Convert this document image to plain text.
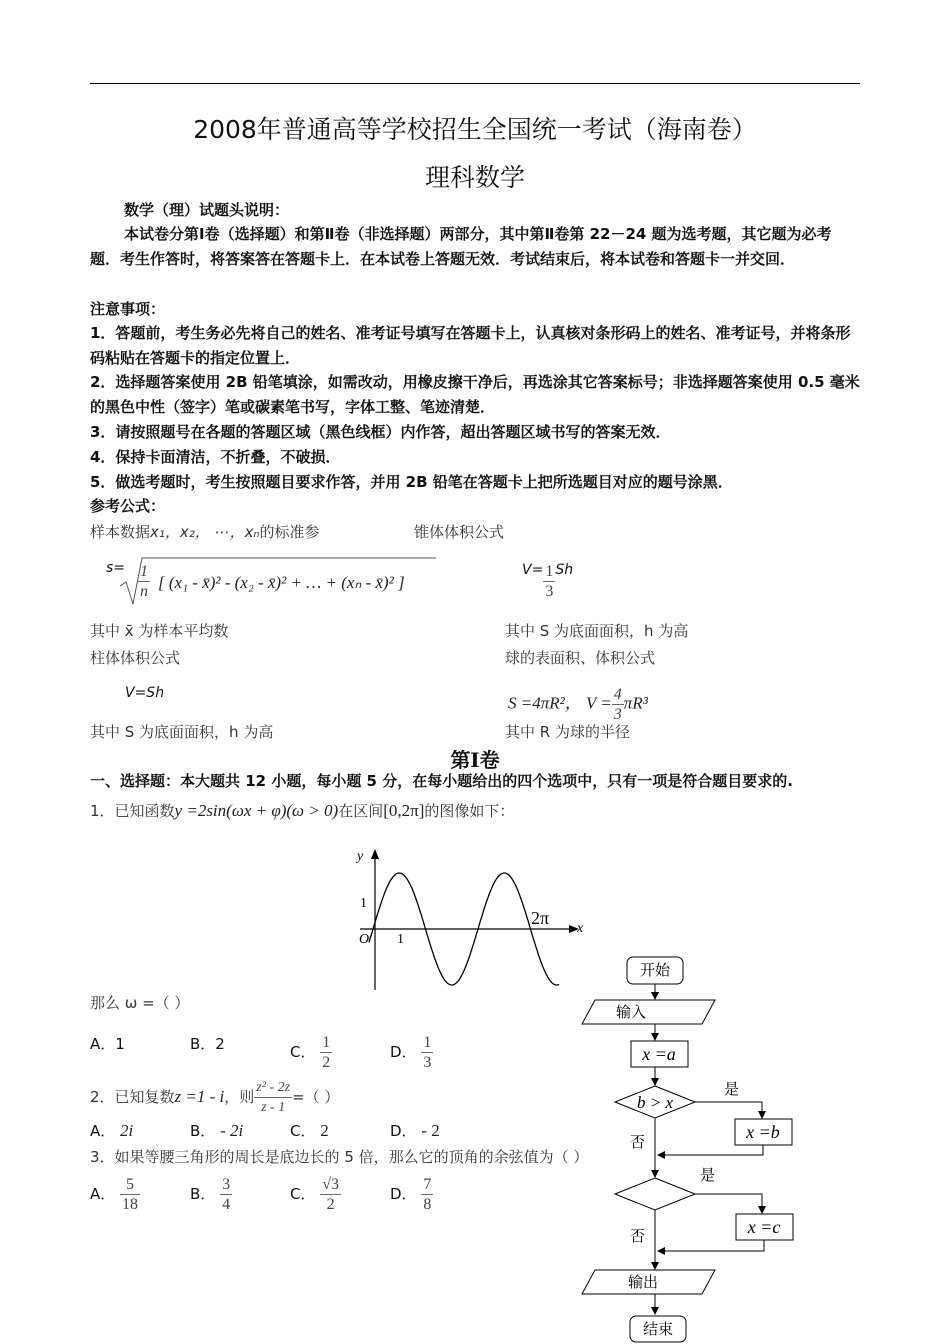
2008年普通高等学校招生全国统一考试（海南卷）
理科数学
数学（理）试题头说明：
本试卷分第Ⅰ卷（选择题）和第Ⅱ卷（非选择题）两部分，其中第Ⅱ卷第 22－24 题为选考题，其它题为必考题．考生作答时，将答案答在答题卡上．在本试卷上答题无效．考试结束后，将本试卷和答题卡一并交回．
注意事项：
1．答题前，考生务必先将自己的姓名、准考证号填写在答题卡上，认真核对条形码上的姓名、准考证号，并将条形码粘贴在答题卡的指定位置上．
2．选择题答案使用 2B 铅笔填涂，如需改动，用橡皮擦干净后，再选涂其它答案标号；非选择题答案使用 0.5 毫米的黑色中性（签字）笔或碳素笔书写，字体工整、笔迹清楚．
3．请按照题号在各题的答题区域（黑色线框）内作答，超出答题区域书写的答案无效．
4．保持卡面清洁，不折叠，不破损．
5．做选考题时，考生按照题目要求作答，并用 2B 铅笔在答题卡上把所选题目对应的题号涂黑．
参考公式：
样本数据x₁，x₂， ⋯，xₙ的标准参	锥体体积公式
$s= \frac{1}{n}$ [ (x₁ - x̄)² - (x₂ - x̄)² + … + (xₙ - x̄)² ]
$V= \frac{1}{3}$ Sh
其中 x̄ 为样本平均数	其中 S 为底面面积，h 为高
柱体体积公式	球的表面积、体积公式
V=Sh
S =4πR²， $V = \frac{4}{3} \pi R^3$
其中 S 为底面面积，h 为高	其中 R 为球的半径
第Ⅰ卷
一、选择题：本大题共 12 小题，每小题 5 分，在每小题给出的四个选项中，只有一项是符合题目要求的.
1．已知函数y =2sin(ωx + φ)(ω > 0)在区间[0,2π]的图像如下：
y
x
O
1
1
2π
那么 ω =（ ）
A．1	B．2	C． $\frac{1}{2}$	D． $\frac{1}{3}$
2．已知复数z =1 - i，则 $\frac{\text{z² - 2z}}{z - 1}$ =（ ）
A． 2i	B． - 2i	C． 2	D． - 2
3．如果等腰三角形的周长是底边长的 5 倍，那么它的顶角的余弦值为（ ）
A． $\frac{5}{18}$	B． $\frac{3}{4}$	C． $\frac{√3}{2}$	D． $\frac{7}{8}$
开始
输入
x =a
b > x
是
x =b
否
是
x =c
否
输出
结束
